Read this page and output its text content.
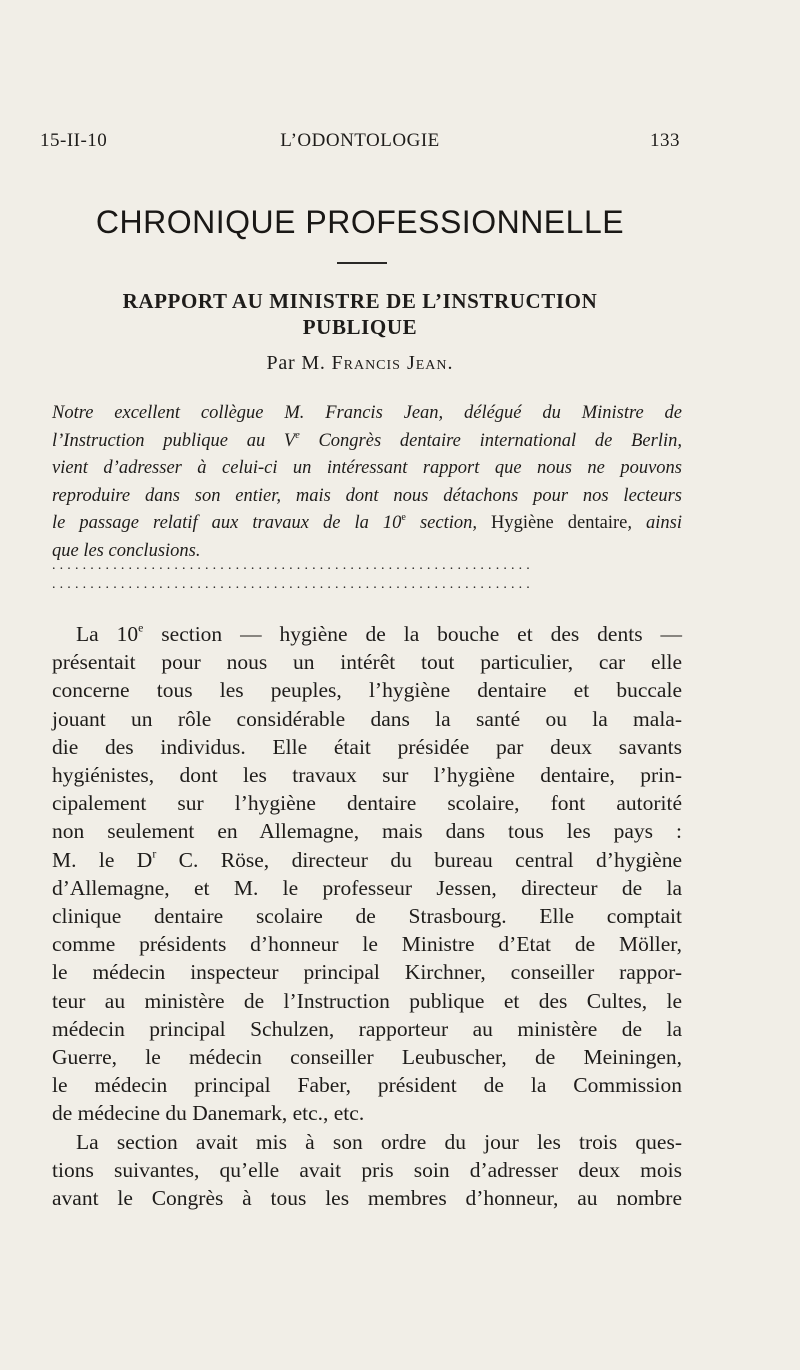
15-II-10	L’ODONTOLOGIE	133
CHRONIQUE PROFESSIONNELLE
RAPPORT AU MINISTRE DE L’INSTRUCTION
PUBLIQUE
Par M. Francis Jean.
Notre excellent collègue M. Francis Jean, délégué du Ministre de
l’Instruction publique au Ve Congrès dentaire international de Berlin,
vient d’adresser à celui-ci un intéressant rapport que nous ne pouvons
reproduire dans son entier, mais dont nous détachons pour nos lecteurs
le passage relatif aux travaux de la 10e section, Hygiène dentaire, ainsi
que les conclusions.
...............................................................
...............................................................
La 10e section — hygiène de la bouche et des dents —
présentait pour nous un intérêt tout particulier, car elle
concerne tous les peuples, l’hygiène dentaire et buccale
jouant un rôle considérable dans la santé ou la mala-
die des individus. Elle était présidée par deux savants
hygiénistes, dont les travaux sur l’hygiène dentaire, prin-
cipalement sur l’hygiène dentaire scolaire, font autorité
non seulement en Allemagne, mais dans tous les pays :
M. le $D^r$ C. Röse, directeur du bureau central d’hygiène
d’Allemagne, et M. le professeur Jessen, directeur de la
clinique dentaire scolaire de Strasbourg. Elle comptait
comme présidents d’honneur le Ministre d’Etat de Möller,
le médecin inspecteur principal Kirchner, conseiller rappor-
teur au ministère de l’Instruction publique et des Cultes, le
médecin principal Schulzen, rapporteur au ministère de la
Guerre, le médecin conseiller Leubuscher, de Meiningen,
le médecin principal Faber, président de la Commission
de médecine du Danemark, etc., etc.
La section avait mis à son ordre du jour les trois ques-
tions suivantes, qu’elle avait pris soin d’adresser deux mois
avant le Congrès à tous les membres d’honneur, au nombre
